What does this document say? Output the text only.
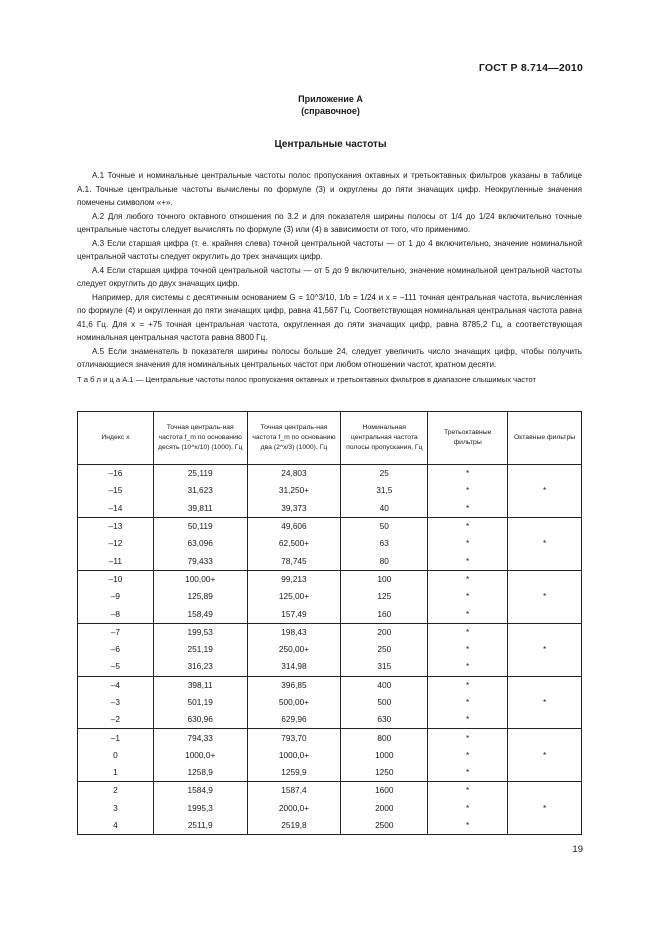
ГОСТ Р 8.714—2010
Приложение А
(справочное)
Центральные частоты

А.1 Точные и номинальные центральные частоты полос пропускания октавных и третьоктавных фильтров указаны в таблице А.1. Точные центральные частоты вычислены по формуле (3) и округлены до пяти значащих цифр. Неокругленные значения помечены символом «+».

А.2 Для любого точного октавного отношения по 3.2 и для показателя ширины полосы от 1/4 до 1/24 включительно точные центральные частоты следует вычислять по формуле (3) или (4) в зависимости от того, что применимо.

А.3 Если старшая цифра (т. е. крайняя слева) точной центральной частоты — от 1 до 4 включительно, значение номинальной центральной частоты следует округлить до трех значащих цифр.

А.4 Если старшая цифра точной центральной частоты — от 5 до 9 включительно, значение номинальной центральной частоты следует округлить до двух значащих цифр.

Например, для системы с десятичным основанием G = 10^3/10, 1/b = 1/24 и x = –111 точная центральная частота, вычисленная по формуле (4) и округленная до пяти значащих цифр, равна 41,567 Гц. Соответствующая номинальная центральная частота равна 41,6 Гц. Для x = +75 точная центральная частота, округленная до пяти значащих цифр, равна 8785,2 Гц, а соответствующая номинальная центральная частота равна 8800 Гц.

А.5 Если знаменатель b показателя ширины полосы больше 24, следует увеличить число значащих цифр, чтобы получить отличающиеся значения для номинальных центральных частот при любом отношении частот, кратном десяти.

Т а б л и ц а А.1 — Центральные частоты полос пропускания октавных и третьоктавных фильтров в диапазоне слышимых частот
Индекс x	Точная централь-ная частота f_m по основанию десять (10^x/10) (1000), Гц	Точная централь-ная частота f_m по основанию два (2^x/3) (1000), Гц	Номинальная центральная частота полосы пропускания, Гц	Третьоктавные фильтры	Октавные фильтры
–16	25,119	24,803	25	*	
–15	31,623	31,250+	31,5	*	*
–14	39,811	39,373	40	*	
–13	50,119	49,606	50	*	
–12	63,096	62,500+	63	*	*
–11	79,433	78,745	80	*	
–10	100,00+	99,213	100	*	
–9	125,89	125,00+	125	*	*
–8	158,49	157,49	160	*	
–7	199,53	198,43	200	*	
–6	251,19	250,00+	250	*	*
–5	316,23	314,98	315	*	
–4	398,11	396,85	400	*	
–3	501,19	500,00+	500	*	*
–2	630,96	629,96	630	*	
–1	794,33	793,70	800	*	
0	1000,0+	1000,0+	1000	*	*
1	1258,9	1259,9	1250	*	
2	1584,9	1587,4	1600	*	
3	1995,3	2000,0+	2000	*	*
4	2511,9	2519,8	2500	*	
19
